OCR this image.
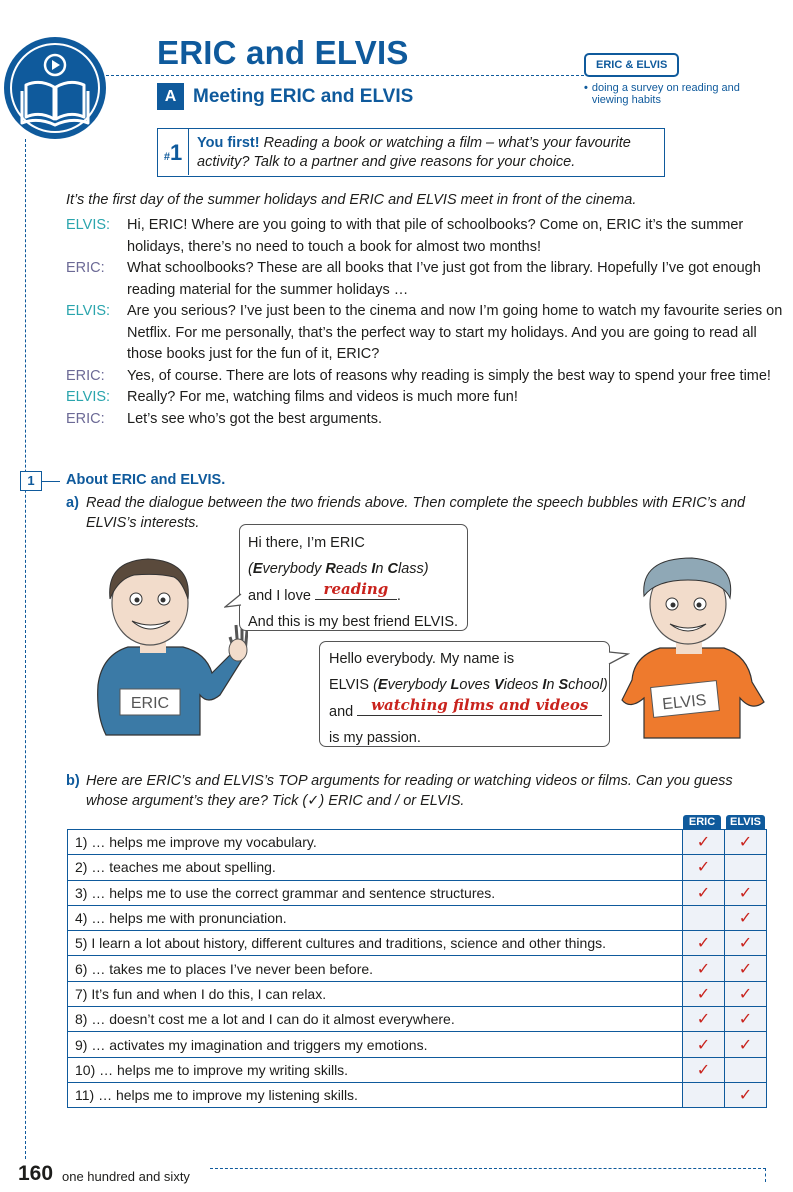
ERIC and ELVIS
A Meeting ERIC and ELVIS
ERIC & ELVIS
•	doing a survey on reading and viewing habits
#1	You first! Reading a book or watching a film – what’s your favourite activity? Talk to a partner and give reasons for your choice.
It’s the first day of the summer holidays and ERIC and ELVIS meet in front of the cinema.
ELVIS:	Hi, ERIC! Where are you going to with that pile of schoolbooks? Come on, ERIC it’s the summer holidays, there’s no need to touch a book for almost two months!
ERIC:	What schoolbooks? These are all books that I’ve just got from the library. Hopefully I’ve got enough reading material for the summer holidays …
ELVIS:	Are you serious? I’ve just been to the cinema and now I’m going home to watch my favourite series on Netflix. For me personally, that’s the perfect way to start my holidays. And you are going to read all those books just for the fun of it, ERIC?
ERIC:	Yes, of course. There are lots of reasons why reading is simply the best way to spend your free time!
ELVIS:	Really? For me, watching films and videos is much more fun!
ERIC:	Let’s see who’s got the best arguments.
1	About ERIC and ELVIS.
a)	Read the dialogue between the two friends above. Then complete the speech bubbles with ERIC’s and ELVIS’s interests.
ERIC
Hi there, I’m ERIC
(Everybody Reads In Class)
and I love reading .
And this is my best friend ELVIS.
Hello everybody. My name is
ELVIS (Everybody Loves Videos In School)
and	watching films and videos
is my passion.
ELVIS
b)	Here are ERIC’s and ELVIS’s TOP arguments for reading or watching videos or films. Can you guess whose argument’s they are? Tick (✓) ERIC and / or ELVIS.
ERIC	ELVIS
1) … helps me improve my vocabulary.	✓	✓
2) … teaches me about spelling.	✓	
3) … helps me to use the correct grammar and sentence structures.	✓	✓
4) … helps me with pronunciation.		✓
5) I learn a lot about history, different cultures and traditions, science and other things.	✓	✓
6) … takes me to places I’ve never been before.	✓	✓
7) It’s fun and when I do this, I can relax.	✓	✓
8) … doesn’t cost me a lot and I can do it almost everywhere.	✓	✓
9) … activates my imagination and triggers my emotions.	✓	✓
10) … helps me to improve my writing skills.	✓	
11) … helps me to improve my listening skills.		✓
160 one hundred and sixty
